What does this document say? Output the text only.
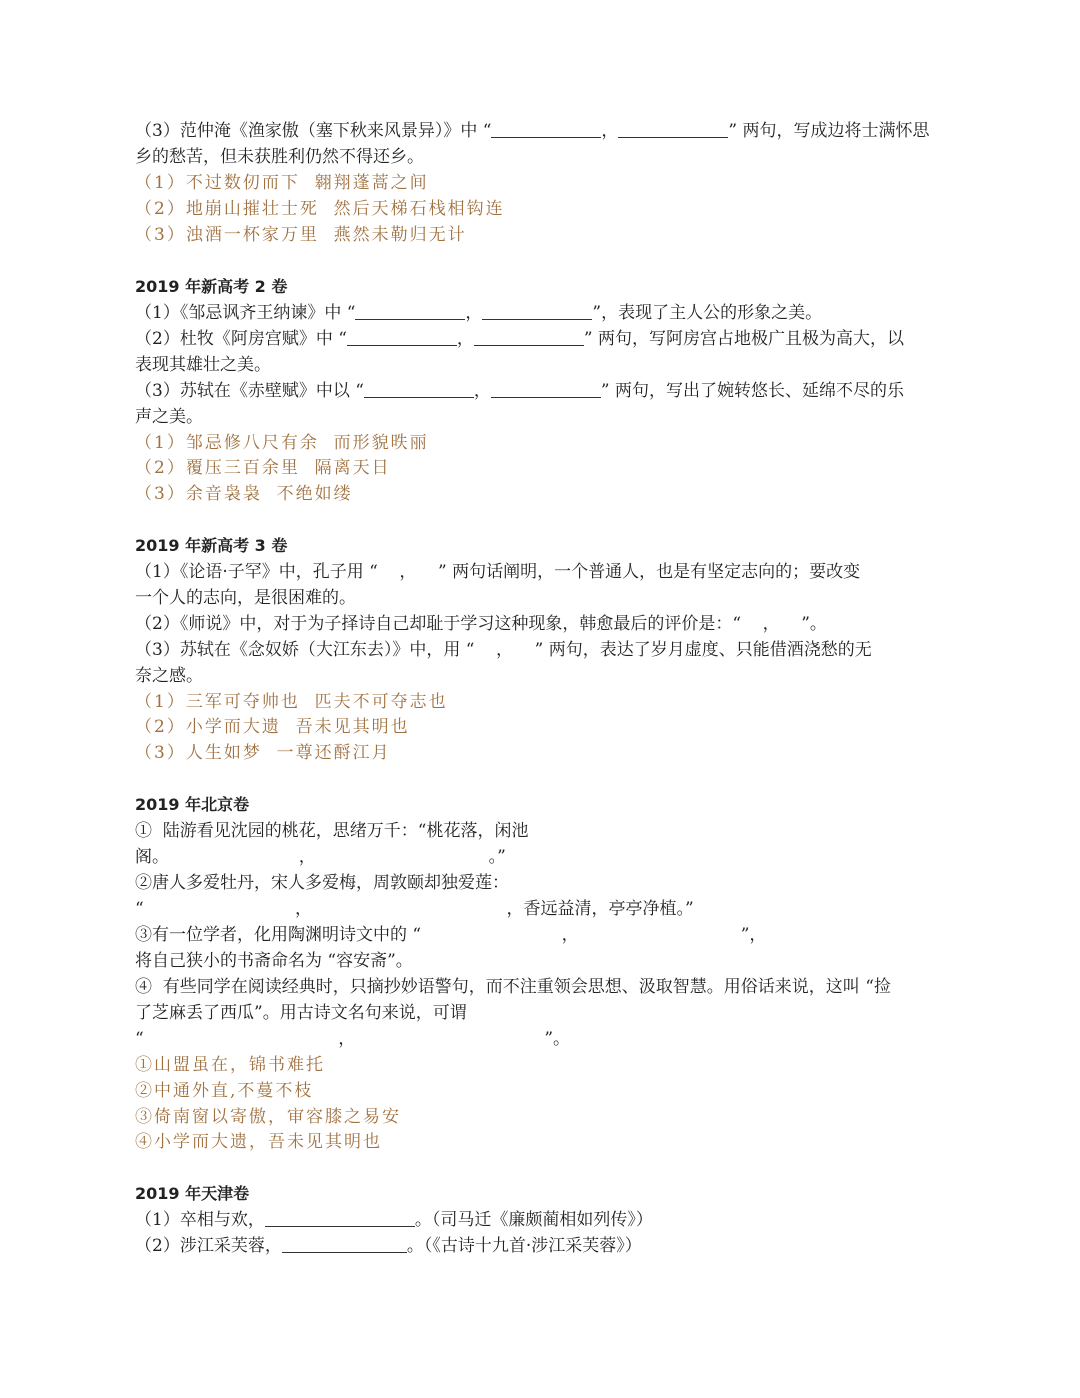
（3）范仲淹《渔家傲（塞下秋来风景异）》中 “	，	” 两句，写成边将士满怀思
乡的愁苦，但未获胜利仍然不得还乡。
（1）不过数仞而下  翱翔蓬蒿之间
（2）地崩山摧壮士死  然后天梯石栈相钩连
（3）浊酒一杯家万里  燕然未勒归无计
2019 年新高考 2 卷
（1）《邹忌讽齐王纳谏》中 “	，	”，表现了主人公的形象之美。
（2）杜牧《阿房宫赋》中 “	，	” 两句，写阿房宫占地极广且极为高大，以
表现其雄壮之美。
（3）苏轼在《赤壁赋》中以 “	，	” 两句，写出了婉转悠长、延绵不尽的乐
声之美。
（1）邹忌修八尺有余  而形貌昳丽
（2）覆压三百余里  隔离天日
（3）余音袅袅  不绝如缕
2019 年新高考 3 卷
（1）《论语·子罕》中，孔子用 “    ，    ” 两句话阐明，一个普通人，也是有坚定志向的；要改变
一个人的志向，是很困难的。
（2）《师说》中，对于为子择诗自己却耻于学习这种现象，韩愈最后的评价是：“    ，    ”。
（3）苏轼在《念奴娇（大江东去）》中，用 “    ，    ” 两句，表达了岁月虚度、只能借酒浇愁的无
奈之感。
（1）三军可夺帅也  匹夫不可夺志也
（2）小学而大遗  吾未见其明也
（3）人生如梦  一尊还酹江月
2019 年北京卷
①  陆游看见沈园的桃花，思绪万千：“桃花落，闲池
阁。                        ，                                。”
②唐人多爱牡丹，宋人多爱梅，周敦颐却独爱莲：
“                            ，                                    ，香远益清，亭亭净植。”
③有一位学者，化用陶渊明诗文中的 “                          ，                              ”，
将自己狭小的书斋命名为 “容安斋”。
④  有些同学在阅读经典时，只摘抄妙语警句，而不注重领会思想、汲取智慧。用俗话来说，这叫 “捡
了芝麻丢了西瓜”。用古诗文名句来说，可谓
“                                    ，                                   ”。
①山盟虽在，锦书难托
②中通外直,不蔓不枝
③倚南窗以寄傲，审容膝之易安
④小学而大遗，吾未见其明也
2019 年天津卷
（1）卒相与欢，	。（司马迁《廉颇蔺相如列传》）
（2）涉江采芙蓉，	。（《古诗十九首·涉江采芙蓉》）
